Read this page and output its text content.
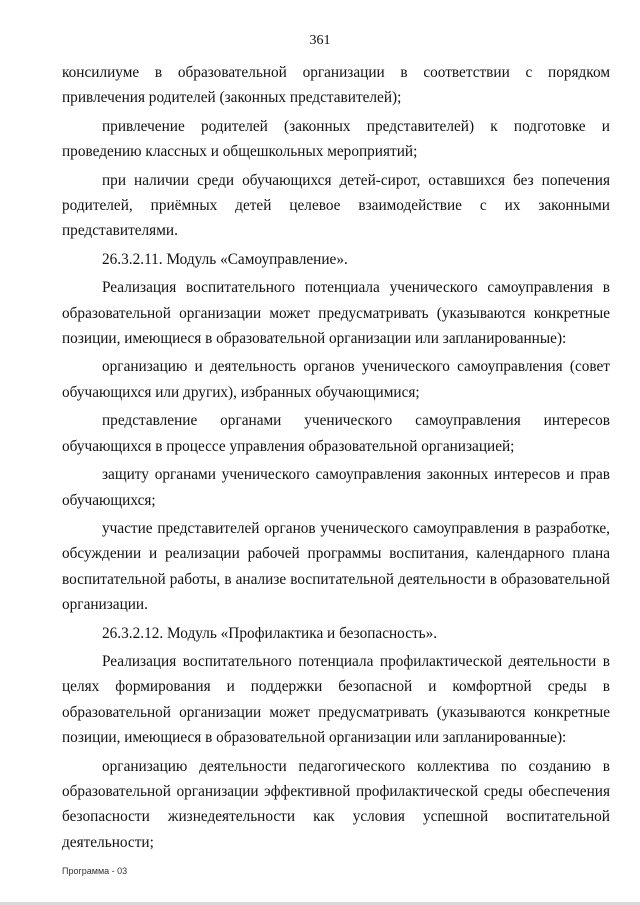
361

консилиуме в образовательной организации в соответствии с порядком привлечения родителей (законных представителей);

привлечение родителей (законных представителей) к подготовке и проведению классных и общешкольных мероприятий;

при наличии среди обучающихся детей-сирот, оставшихся без попечения родителей, приёмных детей целевое взаимодействие с их законными представителями.

26.3.2.11. Модуль «Самоуправление».

Реализация воспитательного потенциала ученического самоуправления в образовательной организации может предусматривать (указываются конкретные позиции, имеющиеся в образовательной организации или запланированные):

организацию и деятельность органов ученического самоуправления (совет обучающихся или других), избранных обучающимися;

представление органами ученического самоуправления интересов обучающихся в процессе управления образовательной организацией;

защиту органами ученического самоуправления законных интересов и прав обучающихся;

участие представителей органов ученического самоуправления в разработке, обсуждении и реализации рабочей программы воспитания, календарного плана воспитательной работы, в анализе воспитательной деятельности в образовательной организации.

26.3.2.12. Модуль «Профилактика и безопасность».

Реализация воспитательного потенциала профилактической деятельности в целях формирования и поддержки безопасной и комфортной среды в образовательной организации может предусматривать (указываются конкретные позиции, имеющиеся в образовательной организации или запланированные):

организацию деятельности педагогического коллектива по созданию в образовательной организации эффективной профилактической среды обеспечения безопасности жизнедеятельности как условия успешной воспитательной деятельности;

Программа - 03
